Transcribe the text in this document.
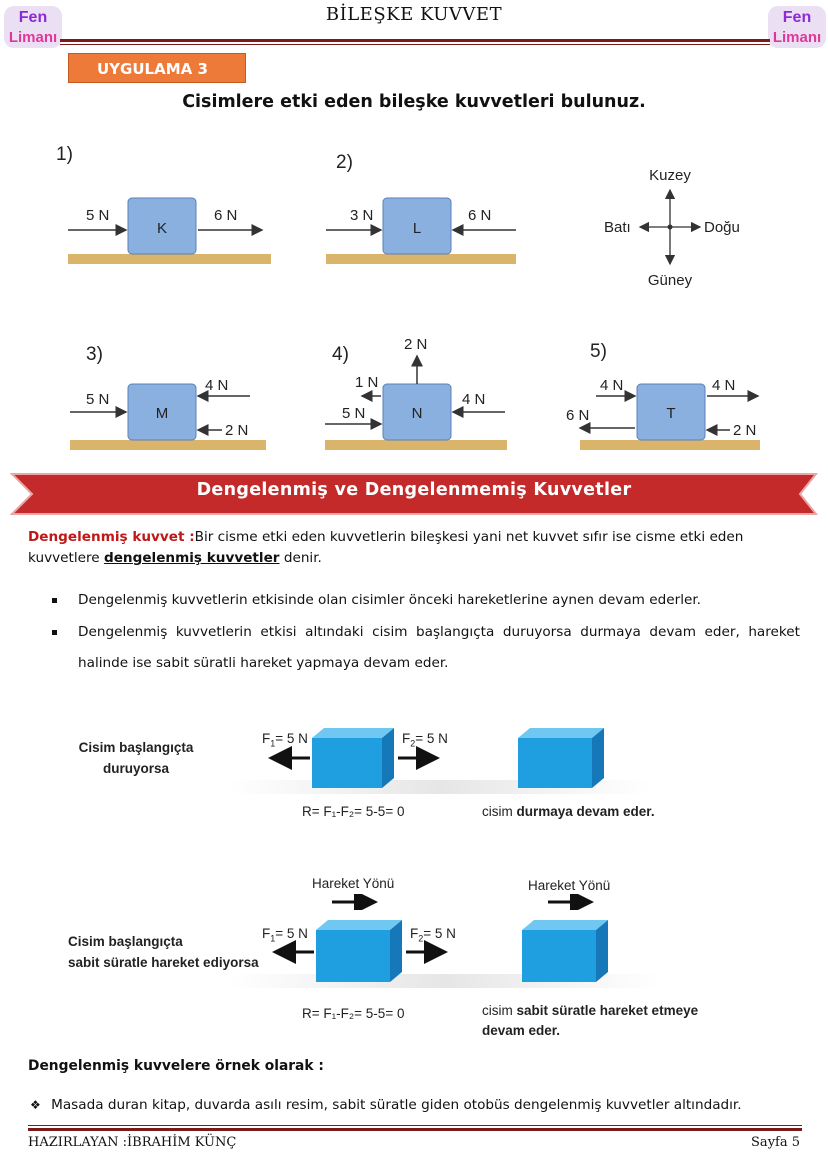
Fen
Limanı
Fen
Limanı
BİLEŞKE KUVVET
UYGULAMA 3
Cisimlere etki eden bileşke kuvvetleri bulunuz.
1)
K
5 N	6 N
2)
L
3 N	6 N
Kuzey
Güney
Batı	Doğu
3)
M
5 N
4 N
2 N
4)
N
2 N
1 N
5 N
4 N
5)
T
4 N
6 N
4 N
2 N
Dengelenmiş ve Dengelenmemiş Kuvvetler
Dengelenmiş kuvvet :Bir cisme etki eden kuvvetlerin bileşkesi yani net kuvvet sıfır ise cisme etki eden kuvvetlere dengelenmiş kuvvetler denir.
Dengelenmiş kuvvetlerin etkisinde olan cisimler önceki hareketlerine aynen devam ederler.
Dengelenmiş kuvvetlerin etkisi altındaki cisim başlangıçta duruyorsa durmaya devam eder, hareket halinde ise sabit süratli hareket yapmaya devam eder.
Cisim başlangıçta
duruyorsa
$F_1= 5$ N	$F_2= 5$ N
R= F₁-F₂= 5-5= 0	cisim durmaya devam eder.
Hareket Yönü	Hareket Yönü
Cisim başlangıçta
sabit süratle hareket ediyorsa
$F_1= 5$ N	$F_2= 5$ N
R= F₁-F₂= 5-5= 0	cisim sabit süratle hareket etmeye
devam eder.
Dengelenmiş kuvvelere örnek olarak :
❖ Masada duran kitap, duvarda asılı resim, sabit süratle giden otobüs dengelenmiş kuvvetler altındadır.
HAZIRLAYAN :İBRAHİM KÜNÇ	Sayfa 5
